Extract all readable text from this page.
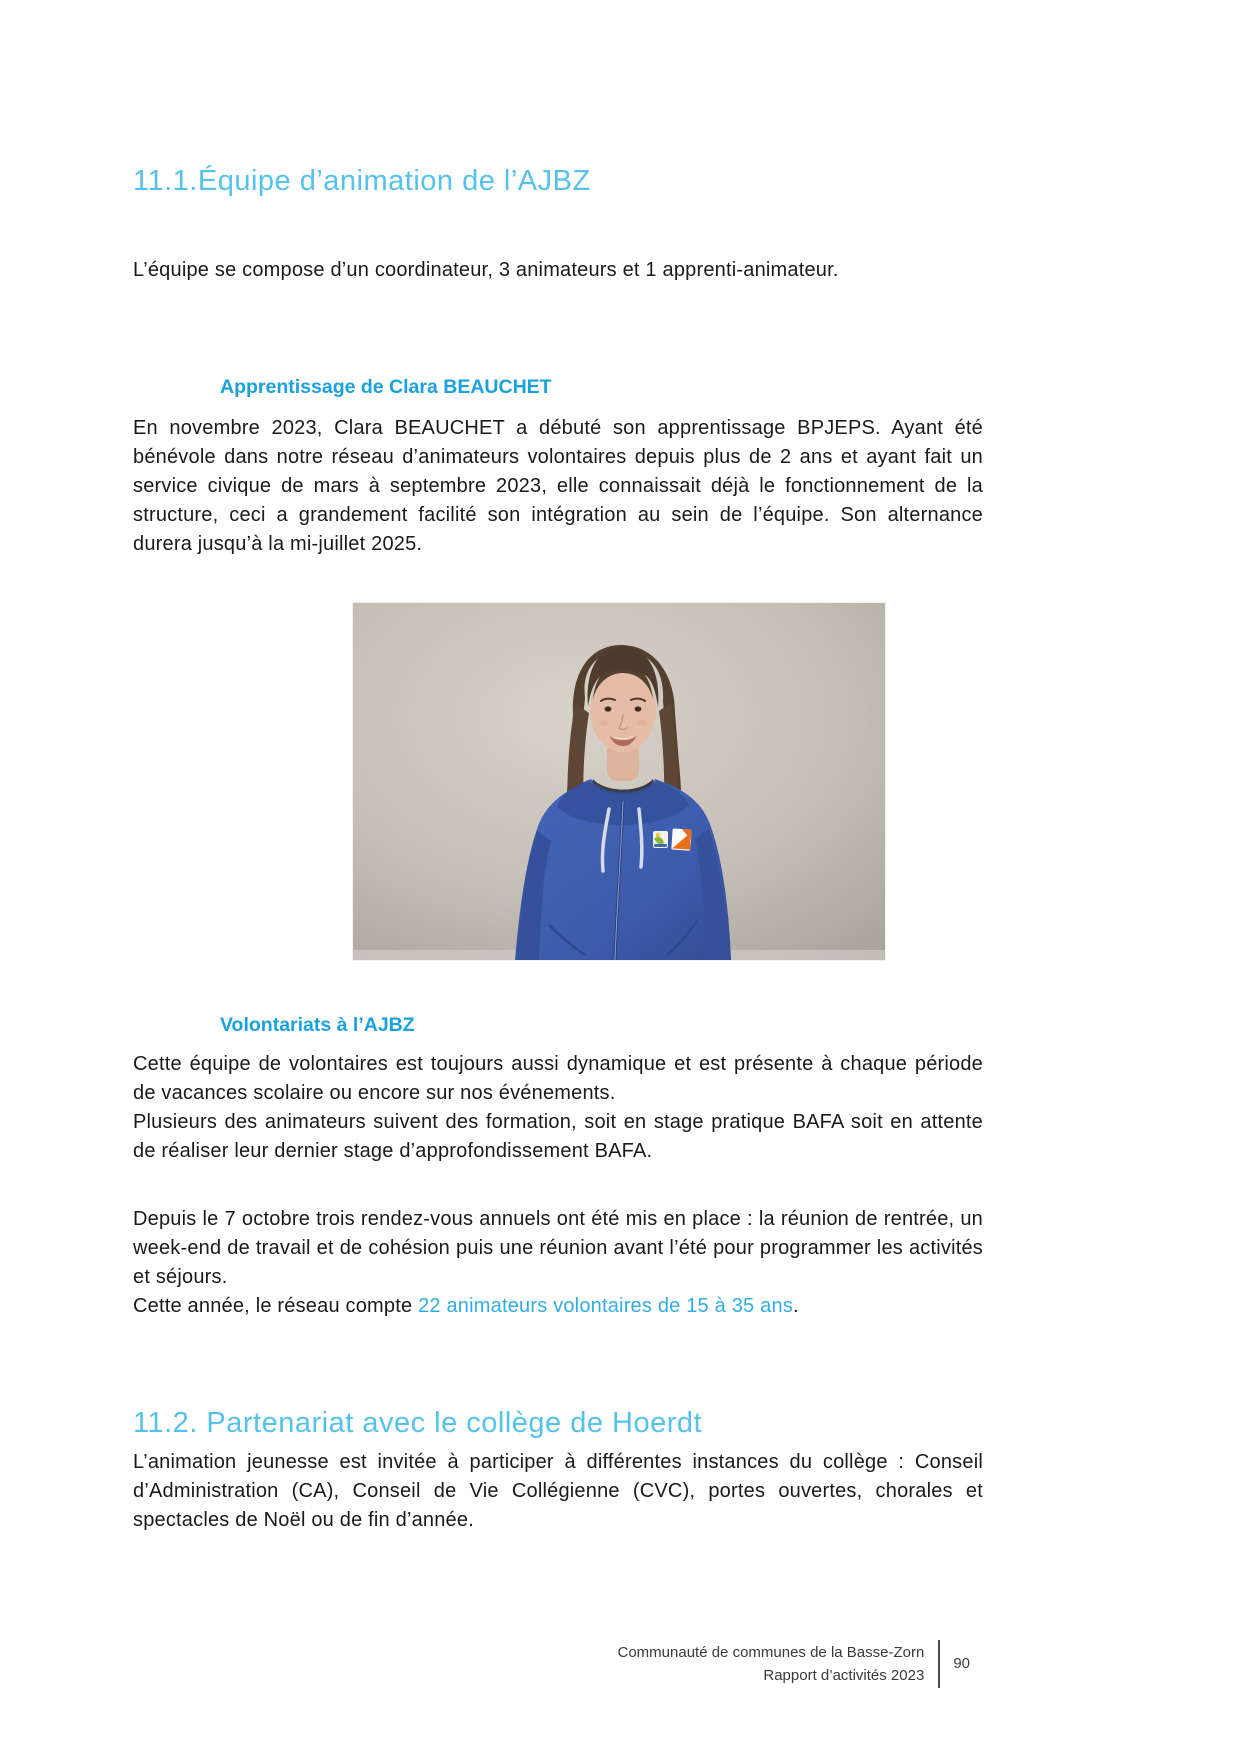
11.1.Équipe d’animation de l’AJBZ

L’équipe se compose d’un coordinateur, 3 animateurs et 1 apprenti-animateur.

Apprentissage de Clara BEAUCHET

En novembre 2023, Clara BEAUCHET a débuté son apprentissage BPJEPS. Ayant été bénévole dans notre réseau d’animateurs volontaires depuis plus de 2 ans et ayant fait un service civique de mars à septembre 2023, elle connaissait déjà le fonctionnement de la structure, ceci a grandement facilité son intégration au sein de l’équipe. Son alternance durera jusqu’à la mi-juillet 2025.

Volontariats à l’AJBZ

Cette équipe de volontaires est toujours aussi dynamique et est présente à chaque période de vacances scolaire ou encore sur nos événements.

Plusieurs des animateurs suivent des formation, soit en stage pratique BAFA soit en attente de réaliser leur dernier stage d’approfondissement BAFA.

Depuis le 7 octobre trois rendez-vous annuels ont été mis en place : la réunion de rentrée, un week-end de travail et de cohésion puis une réunion avant l’été pour programmer les activités et séjours.

Cette année, le réseau compte 22 animateurs volontaires de 15 à 35 ans.

11.2. Partenariat avec le collège de Hoerdt

L’animation jeunesse est invitée à participer à différentes instances du collège : Conseil d’Administration (CA), Conseil de Vie Collégienne (CVC), portes ouvertes, chorales et spectacles de Noël ou de fin d’année.

Communauté de communes de la Basse-Zorn
Rapport d’activités 2023
90
